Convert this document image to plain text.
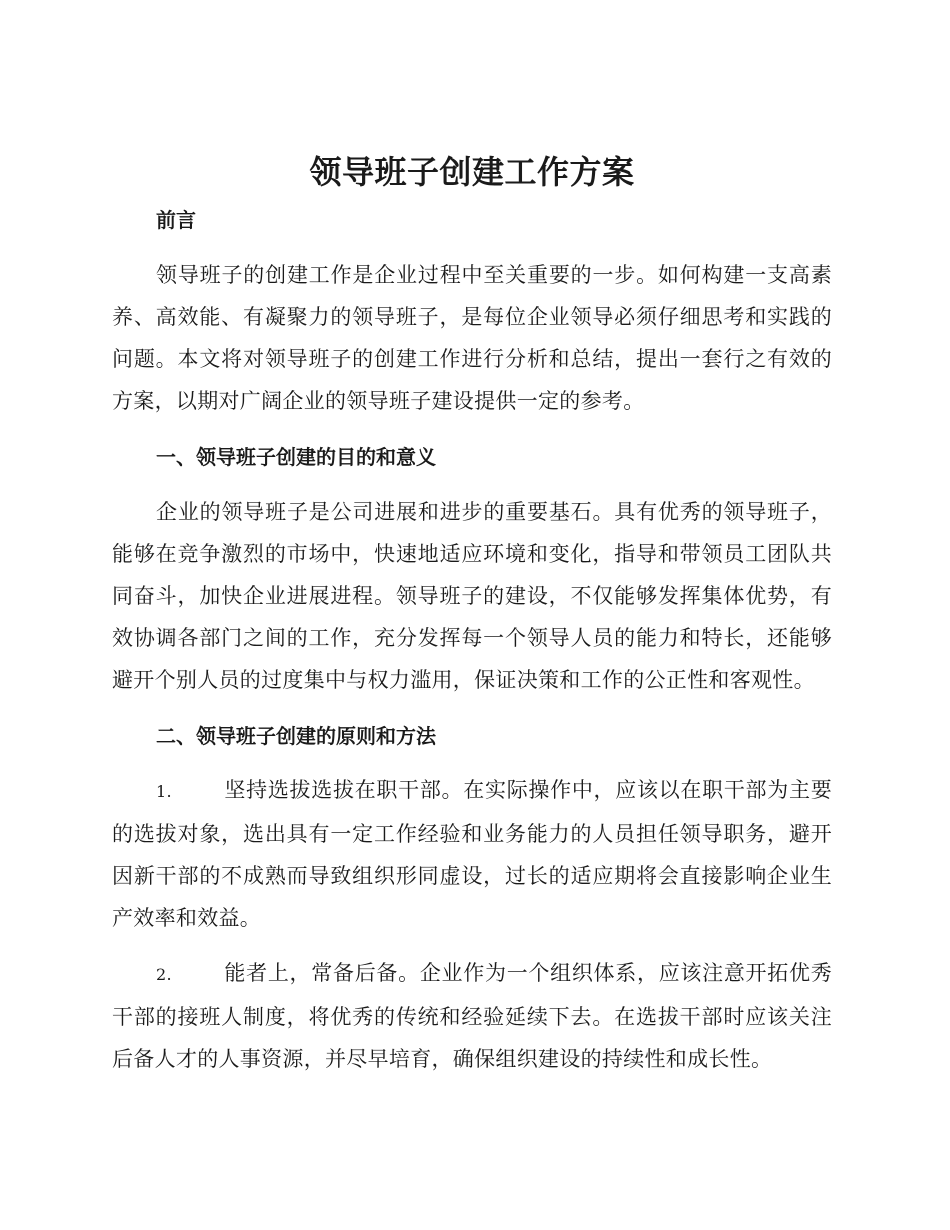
领导班子创建工作方案
前言

领导班子的创建工作是企业过程中至关重要的一步。如何构建一支高素养、高效能、有凝聚力的领导班子，是每位企业领导必须仔细思考和实践的问题。本文将对领导班子的创建工作进行分析和总结，提出一套行之有效的方案，以期对广阔企业的领导班子建设提供一定的参考。

一、领导班子创建的目的和意义

企业的领导班子是公司进展和进步的重要基石。具有优秀的领导班子，能够在竞争激烈的市场中，快速地适应环境和变化，指导和带领员工团队共同奋斗，加快企业进展进程。领导班子的建设，不仅能够发挥集体优势，有效协调各部门之间的工作，充分发挥每一个领导人员的能力和特长，还能够避开个别人员的过度集中与权力滥用，保证决策和工作的公正性和客观性。

二、领导班子创建的原则和方法

1. 坚持选拔选拔在职干部。在实际操作中，应该以在职干部为主要的选拔对象，选出具有一定工作经验和业务能力的人员担任领导职务，避开因新干部的不成熟而导致组织形同虚设，过长的适应期将会直接影响企业生产效率和效益。

2. 能者上，常备后备。企业作为一个组织体系，应该注意开拓优秀干部的接班人制度，将优秀的传统和经验延续下去。在选拔干部时应该关注后备人才的人事资源，并尽早培育，确保组织建设的持续性和成长性。
